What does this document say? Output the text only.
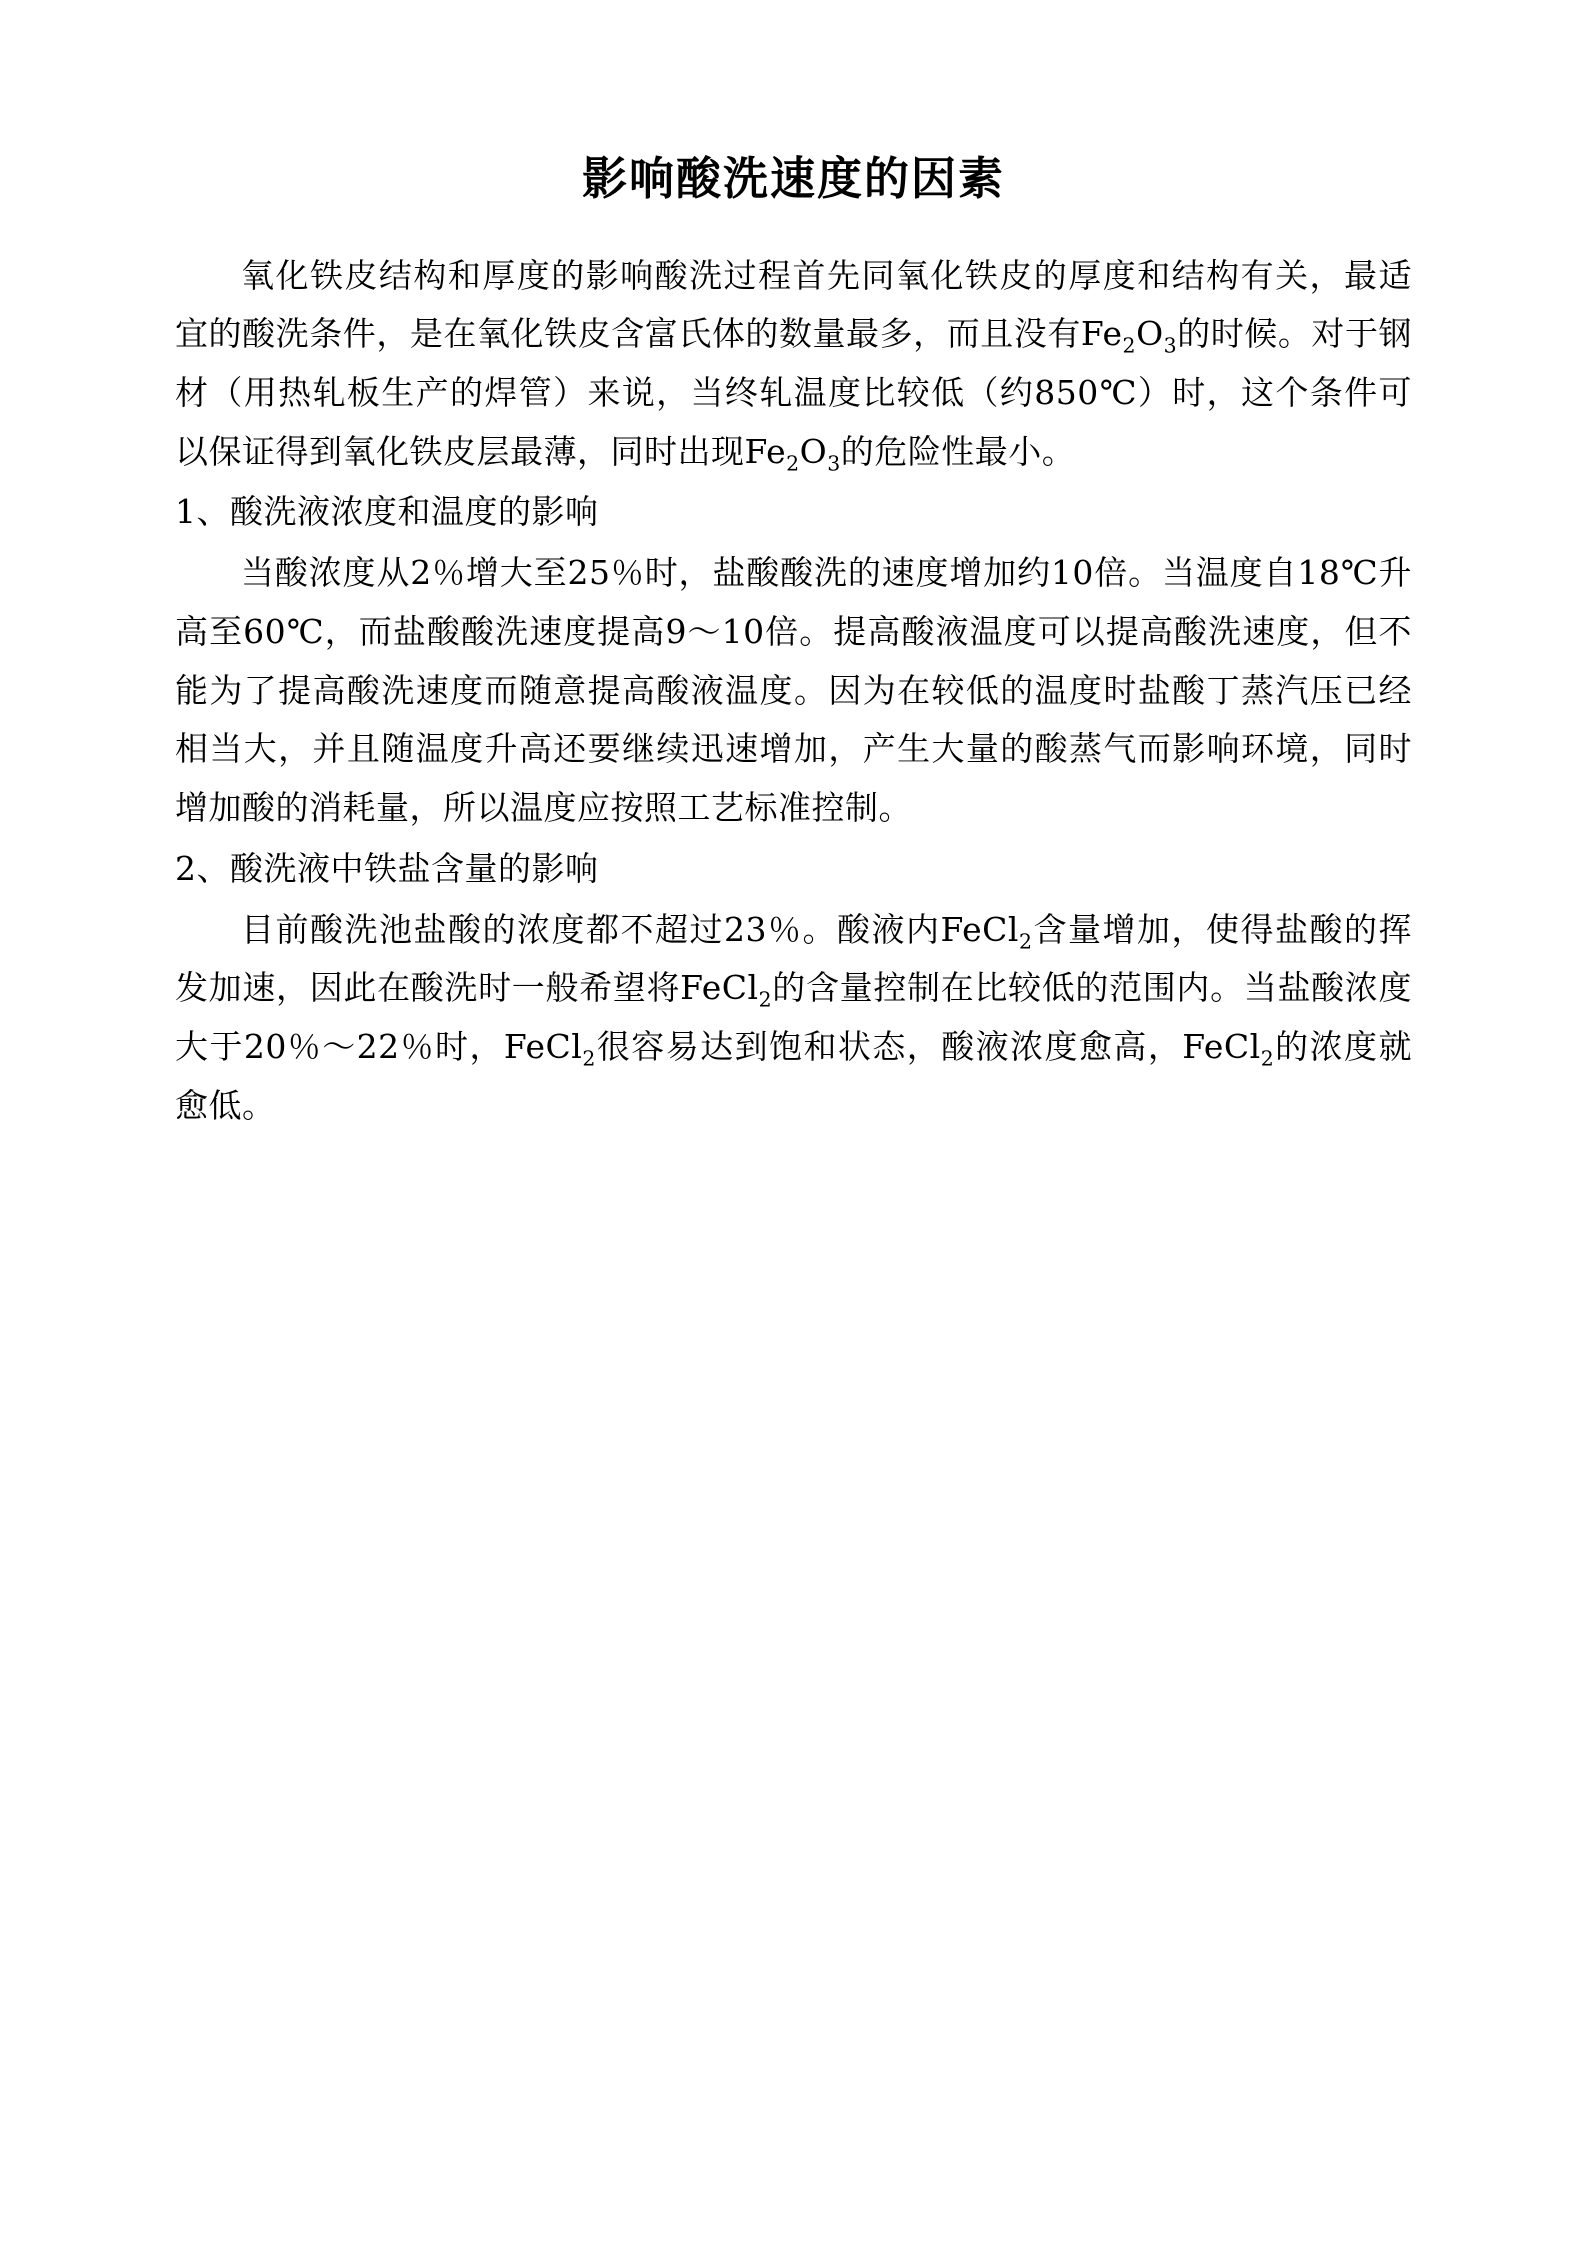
影响酸洗速度的因素

氧化铁皮结构和厚度的影响酸洗过程首先同氧化铁皮的厚度和结构有关，最适宜的酸洗条件，是在氧化铁皮含富氏体的数量最多，而且没有$Fe_2O_3$的时候。对于钢材（用热轧板生产的焊管）来说，当终轧温度比较低（约850℃）时，这个条件可以保证得到氧化铁皮层最薄，同时出现$Fe_2O_3$的危险性最小。

1、酸洗液浓度和温度的影响

当酸浓度从2％增大至25％时，盐酸酸洗的速度增加约10倍。当温度自18℃升高至60℃，而盐酸酸洗速度提高9～10倍。提高酸液温度可以提高酸洗速度，但不能为了提高酸洗速度而随意提高酸液温度。因为在较低的温度时盐酸丁蒸汽压已经相当大，并且随温度升高还要继续迅速增加，产生大量的酸蒸气而影响环境，同时增加酸的消耗量，所以温度应按照工艺标准控制。

2、酸洗液中铁盐含量的影响

目前酸洗池盐酸的浓度都不超过23％。酸液内FeCl$_2$含量增加，使得盐酸的挥发加速，因此在酸洗时一般希望将FeCl$_2$的含量控制在比较低的范围内。当盐酸浓度大于20％～22％时，FeCl$_2$很容易达到饱和状态，酸液浓度愈高，FeCl$_2$的浓度就愈低。
